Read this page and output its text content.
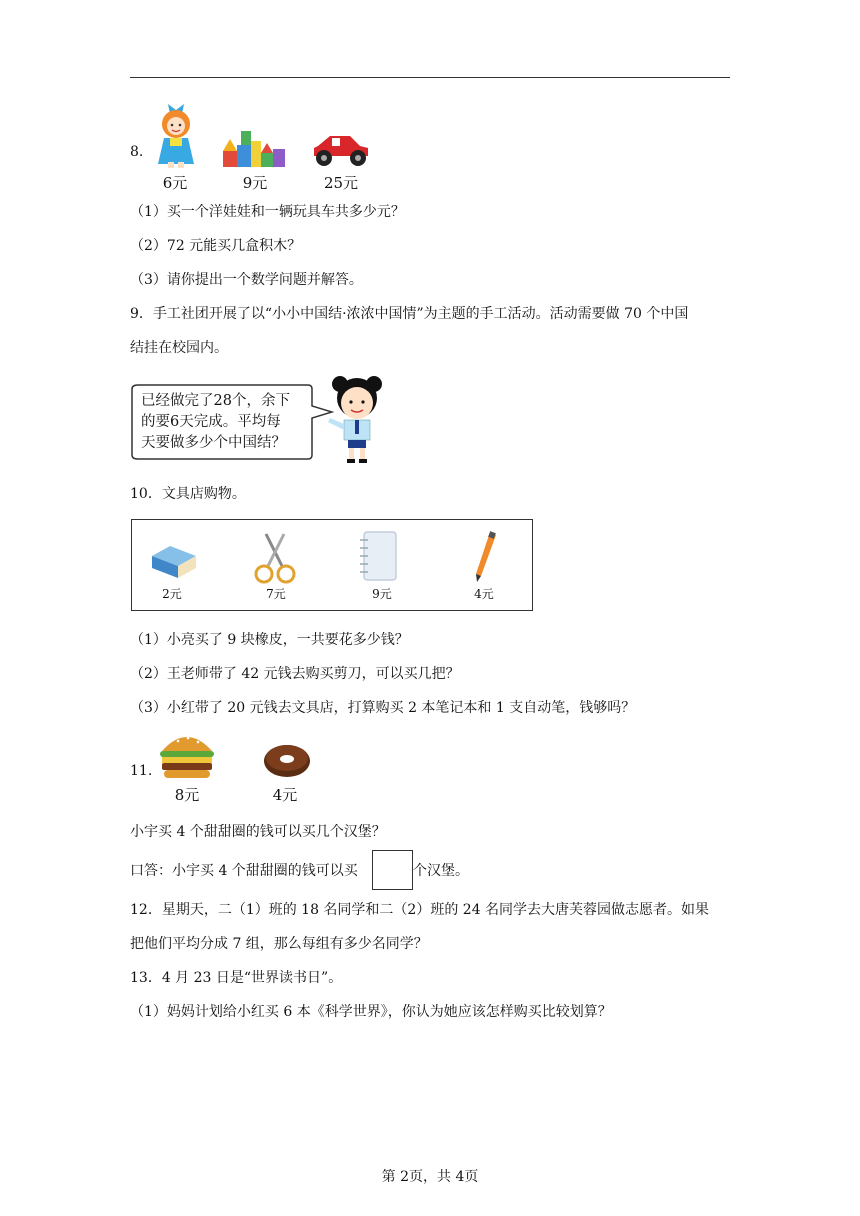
8.
6元	9元	25元
（1）买一个洋娃娃和一辆玩具车共多少元？
（2）72 元能买几盒积木？
（3）请你提出一个数学问题并解答。
9．手工社团开展了以“小小中国结·浓浓中国情”为主题的手工活动。活动需要做 70 个中国
结挂在校园内。
已经做完了28个，余下
的要6天完成。平均每
天要做多少个中国结？
10．文具店购物。
2元	7元	9元	4元
（1）小亮买了 9 块橡皮，一共要花多少钱？
（2）王老师带了 42 元钱去购买剪刀，可以买几把？
（3）小红带了 20 元钱去文具店，打算购买 2 本笔记本和 1 支自动笔，钱够吗？
11.
8元	4元
小宇买 4 个甜甜圈的钱可以买几个汉堡？
口答：小宇买 4 个甜甜圈的钱可以买	个汉堡。
12．星期天，二（1）班的 18 名同学和二（2）班的 24 名同学去大唐芙蓉园做志愿者。如果
把他们平均分成 7 组，那么每组有多少名同学？
13．4 月 23 日是“世界读书日”。
（1）妈妈计划给小红买 6 本《科学世界》，你认为她应该怎样购买比较划算？
第 2页，共 4页
